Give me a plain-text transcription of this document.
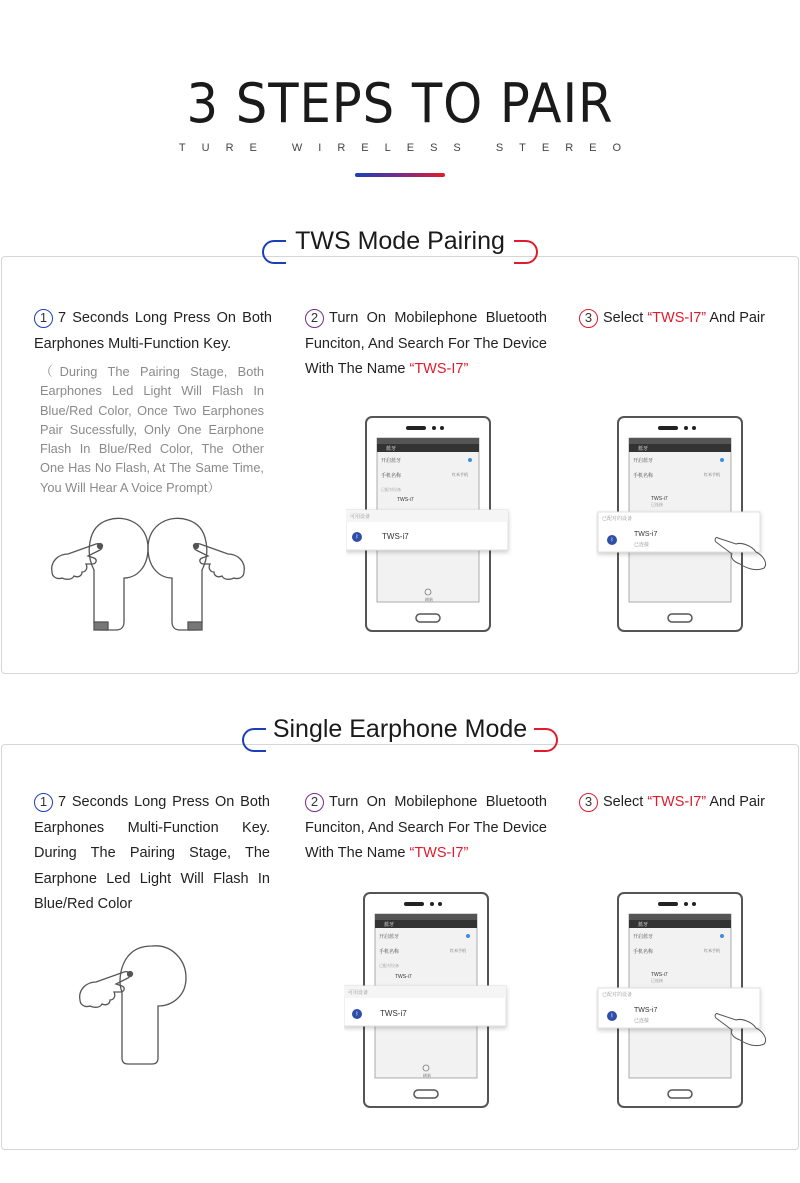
3 STEPS TO PAIR
TURE WIRELESS STEREO
TWS Mode Pairing
1 7 Seconds Long Press On Both Earphones Multi-Function Key.
（During The Pairing Stage, Both Earphones Led Light Will Flash In Blue/Red Color, Once Two Earphones Pair Sucessfully, Only One Earphone Flash In Blue/Red Color, The Other One Has No Flash, At The Same Time, You Will Hear A Voice Prompt）
2 Turn On Mobilephone Bluetooth Funciton, And Search For The Device With The Name “TWS-I7”
3 Select “TWS-I7” And Pair
蓝牙
开启蓝牙
手机名称	红米手机
已配对设备
TWS-i7
可用设备
ᛒ	TWS-i7
刷新
蓝牙
开启蓝牙
手机名称	红米手机
TWS-i7
已连接
已配对的设备
ᛒ
TWS-i7
已连接
Single Earphone Mode
1 7 Seconds Long Press On Both Earphones Multi-Function Key. During The Pairing Stage, The Earphone Led Light Will Flash In Blue/Red Color
2 Turn On Mobilephone Bluetooth Funciton, And Search For The Device With The Name “TWS-I7”
3 Select “TWS-I7” And Pair
蓝牙
开启蓝牙
手机名称	红米手机
已配对设备
TWS-i7
可用设备
ᛒ	TWS-i7
刷新
蓝牙
开启蓝牙
手机名称	红米手机
TWS-i7
已连接
已配对的设备
ᛒ
TWS-i7
已连接
